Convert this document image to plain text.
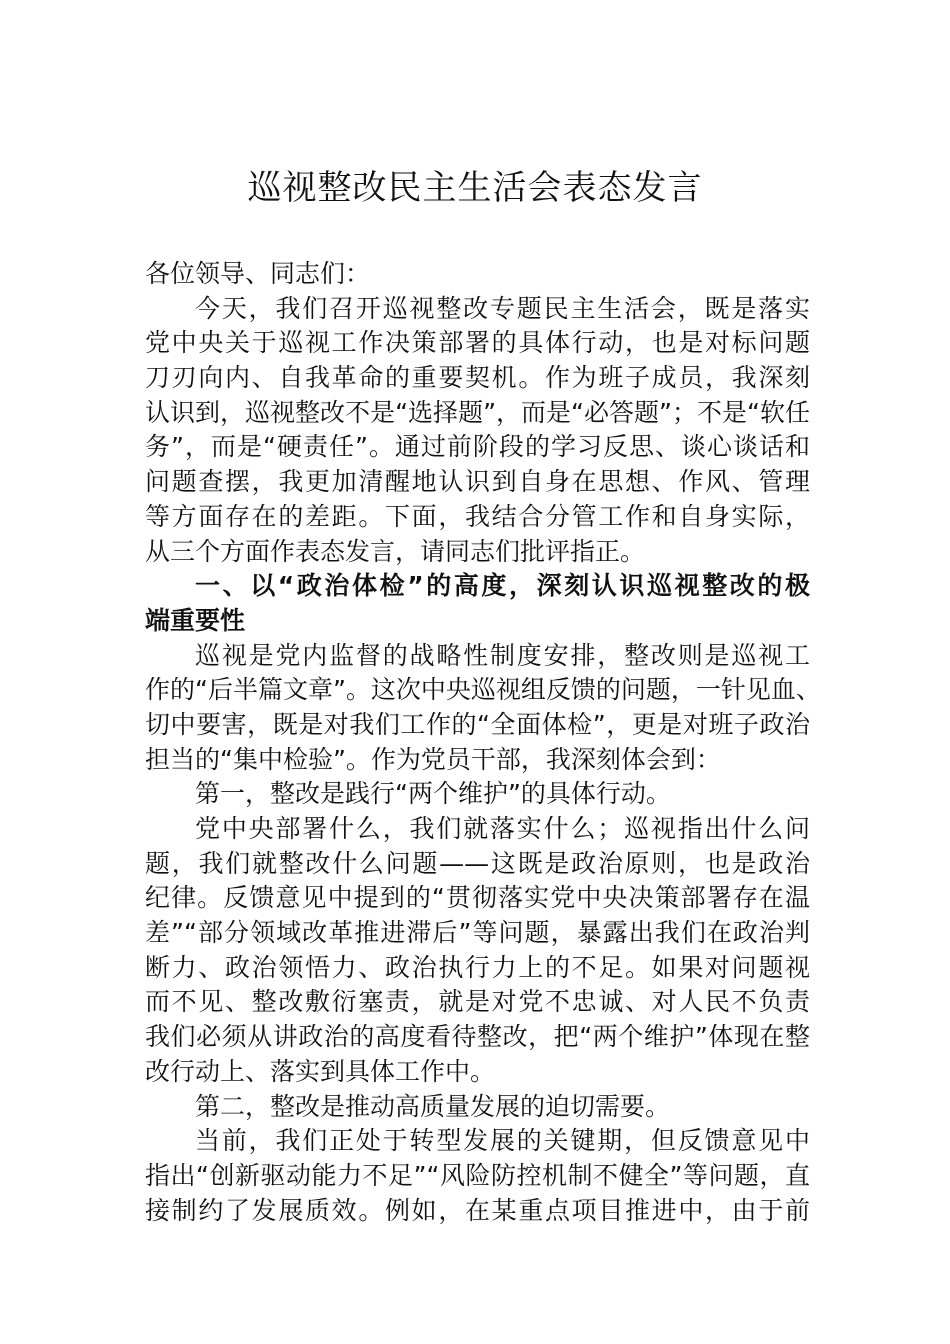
巡视整改民主生活会表态发言
各位领导、同志们：
今天，我们召开巡视整改专题民主生活会，既是落实
党中央关于巡视工作决策部署的具体行动，也是对标问题
刀刃向内、自我革命的重要契机。作为班子成员，我深刻
认识到，巡视整改不是“选择题”，而是“必答题”；不是“软任
务”，而是“硬责任”。通过前阶段的学习反思、谈心谈话和
问题查摆，我更加清醒地认识到自身在思想、作风、管理
等方面存在的差距。下面，我结合分管工作和自身实际，
从三个方面作表态发言，请同志们批评指正。
一、以“政治体检”的高度，深刻认识巡视整改的极
端重要性
巡视是党内监督的战略性制度安排，整改则是巡视工
作的“后半篇文章”。这次中央巡视组反馈的问题，一针见血、
切中要害，既是对我们工作的“全面体检”，更是对班子政治
担当的“集中检验”。作为党员干部，我深刻体会到：
第一，整改是践行“两个维护”的具体行动。
党中央部署什么，我们就落实什么；巡视指出什么问
题，我们就整改什么问题——这既是政治原则，也是政治
纪律。反馈意见中提到的“贯彻落实党中央决策部署存在温
差”“部分领域改革推进滞后”等问题，暴露出我们在政治判
断力、政治领悟力、政治执行力上的不足。如果对问题视
而不见、整改敷衍塞责，就是对党不忠诚、对人民不负责
我们必须从讲政治的高度看待整改，把“两个维护”体现在整
改行动上、落实到具体工作中。
第二，整改是推动高质量发展的迫切需要。
当前，我们正处于转型发展的关键期，但反馈意见中
指出“创新驱动能力不足”“风险防控机制不健全”等问题，直
接制约了发展质效。例如，在某重点项目推进中，由于前
